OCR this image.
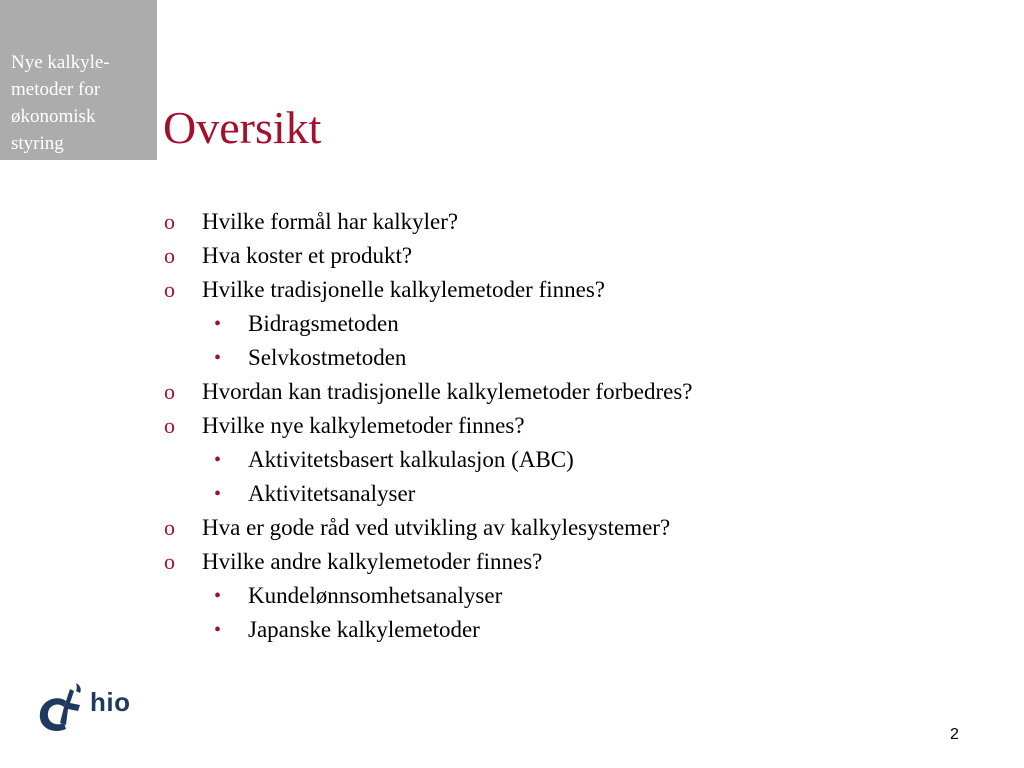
Nye kalkyle-
metoder for
økonomisk
styring	Oversikt
o Hvilke formål har kalkyler?
o Hva koster et produkt?
o Hvilke tradisjonelle kalkylemetoder finnes?
• Bidragsmetoden
• Selvkostmetoden
o Hvordan kan tradisjonelle kalkylemetoder forbedres?
o Hvilke nye kalkylemetoder finnes?
• Aktivitetsbasert kalkulasjon (ABC)
• Aktivitetsanalyser
o Hva er gode råd ved utvikling av kalkylesystemer?
o Hvilke andre kalkylemetoder finnes?
• Kundelønnsomhetsanalyser
• Japanske kalkylemetoder
hio
2
